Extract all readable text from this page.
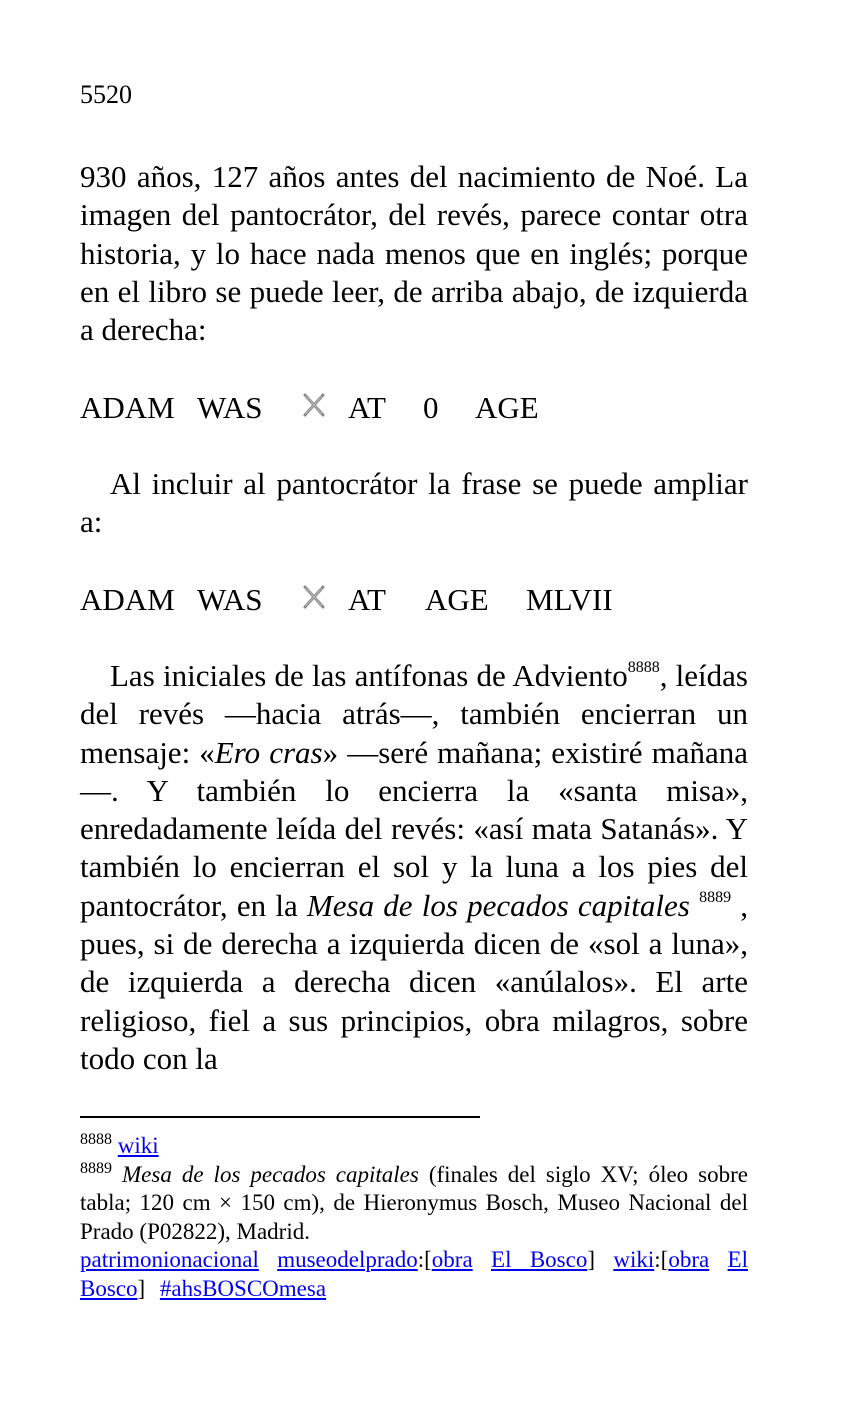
5520

930 años, 127 años antes del nacimiento de Noé. La imagen del pantocrátor, del revés, parece contar otra historia, y lo hace nada menos que en inglés; porque en el libro se puede leer, de arriba abajo, de izquierda a derecha:

ADAM WAS	AT 0 AGE

Al incluir al pantocrátor la frase se puede ampliar a:

ADAM WAS	AT AGE MLVII

Las iniciales de las antífonas de Adviento$^{8888}$, leídas del revés —hacia atrás—, también encierran un mensaje: «Ero cras» —seré mañana; existiré mañana—. Y también lo encierra la «santa misa», enredadamente leída del revés: «así mata Satanás». Y también lo encierran el sol y la luna a los pies del pantocrátor, en la Mesa de los pecados capitales $^{8889}$ , pues, si de derecha a izquierda dicen de «sol a luna», de izquierda a derecha dicen «anúlalos». El arte religioso, fiel a sus principios, obra milagros, sobre todo con la

$^{8888}$ wiki
$^{8889}$ Mesa de los pecados capitales (finales del siglo XV; óleo sobre tabla; 120 cm × 150 cm), de Hieronymus Bosch, Museo Nacional del Prado (P02822), Madrid.
patrimonionacional museodelprado:[obra El Bosco] wiki:[obra El Bosco] #ahsBOSCOmesa
